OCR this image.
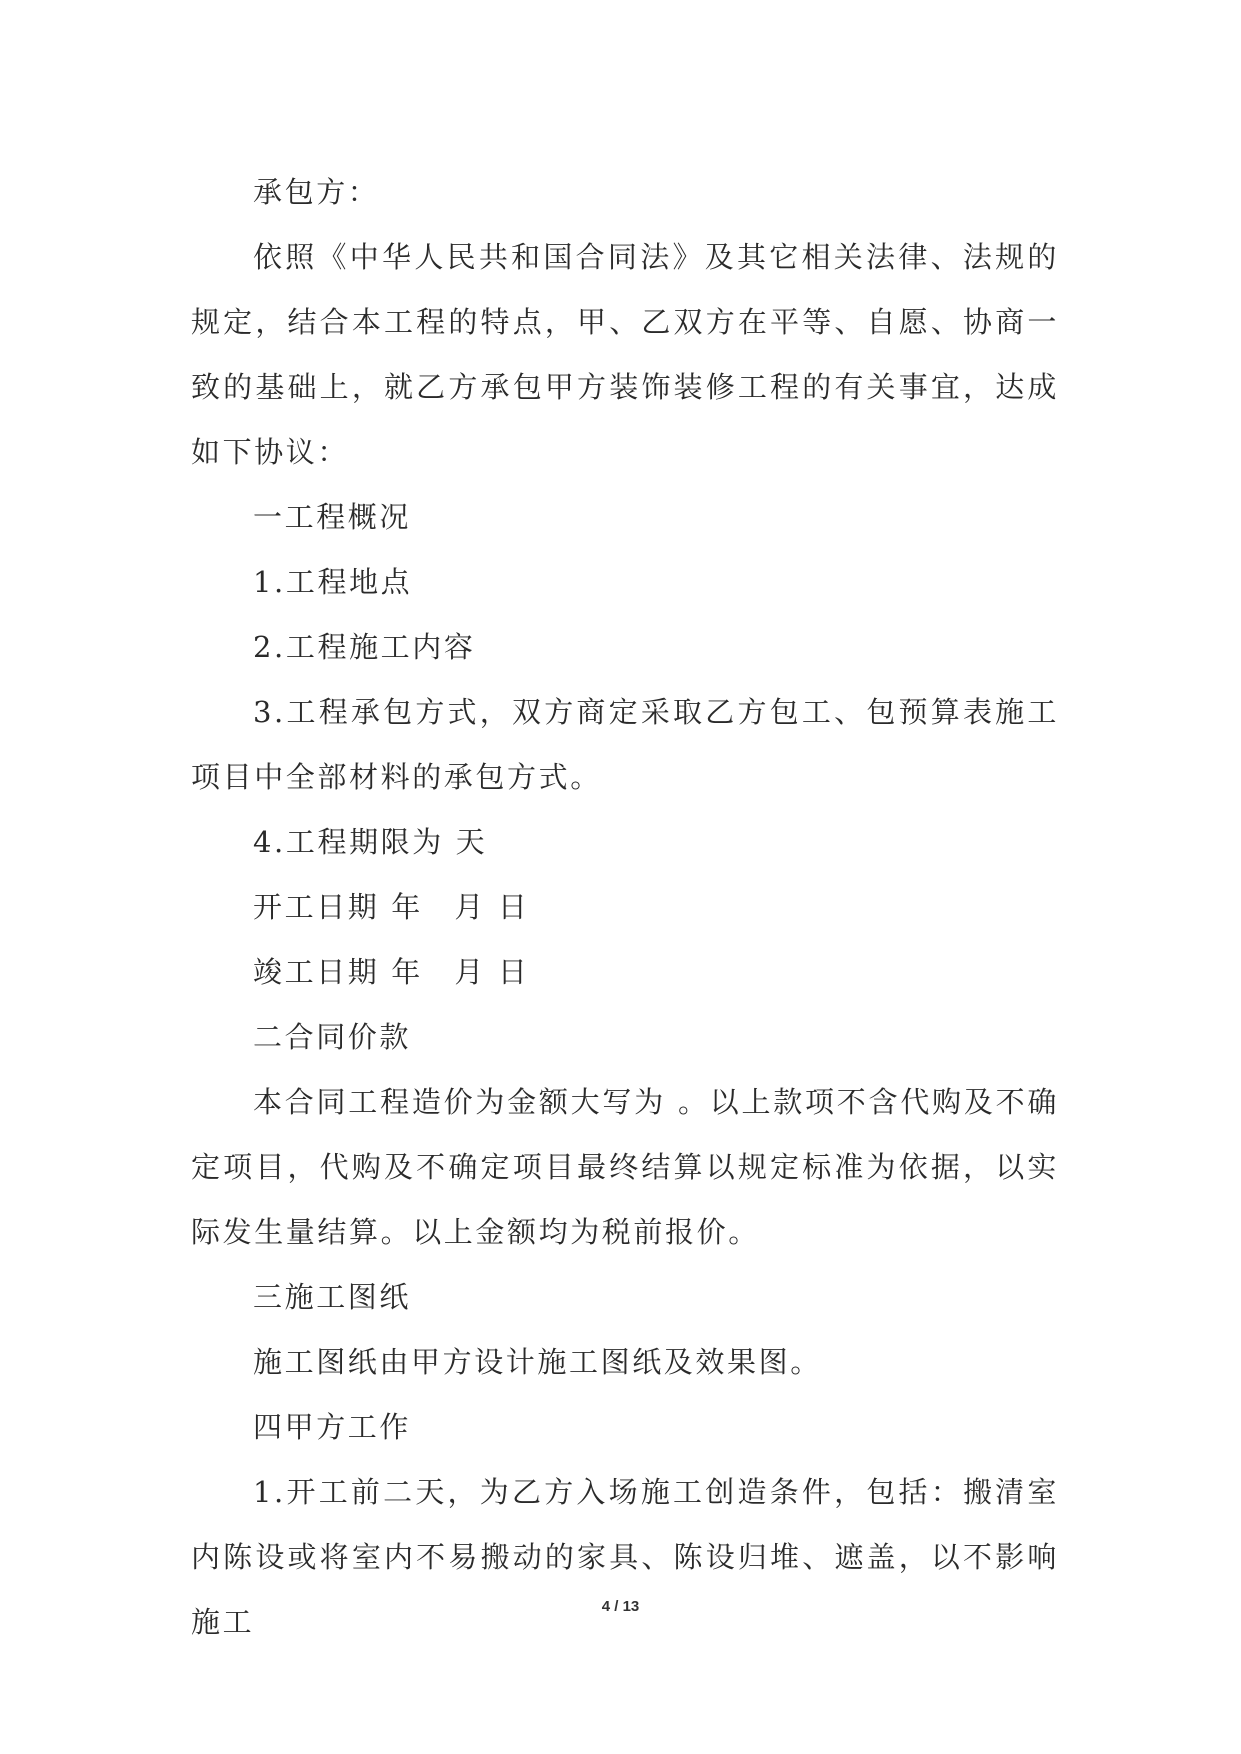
承包方：

依照《中华人民共和国合同法》及其它相关法律、法规的规定，结合本工程的特点，甲、乙双方在平等、自愿、协商一致的基础上，就乙方承包甲方装饰装修工程的有关事宜，达成如下协议：

一工程概况

1.工程地点

2.工程施工内容

3.工程承包方式，双方商定采取乙方包工、包预算表施工项目中全部材料的承包方式。

4.工程期限为 天

开工日期 年　月 日

竣工日期 年　月 日

二合同价款

本合同工程造价为金额大写为 。以上款项不含代购及不确定项目，代购及不确定项目最终结算以规定标准为依据，以实际发生量结算。以上金额均为税前报价。

三施工图纸

施工图纸由甲方设计施工图纸及效果图。

四甲方工作

1.开工前二天，为乙方入场施工创造条件，包括：搬清室内陈设或将室内不易搬动的家具、陈设归堆、遮盖，以不影响施工	4 / 13
